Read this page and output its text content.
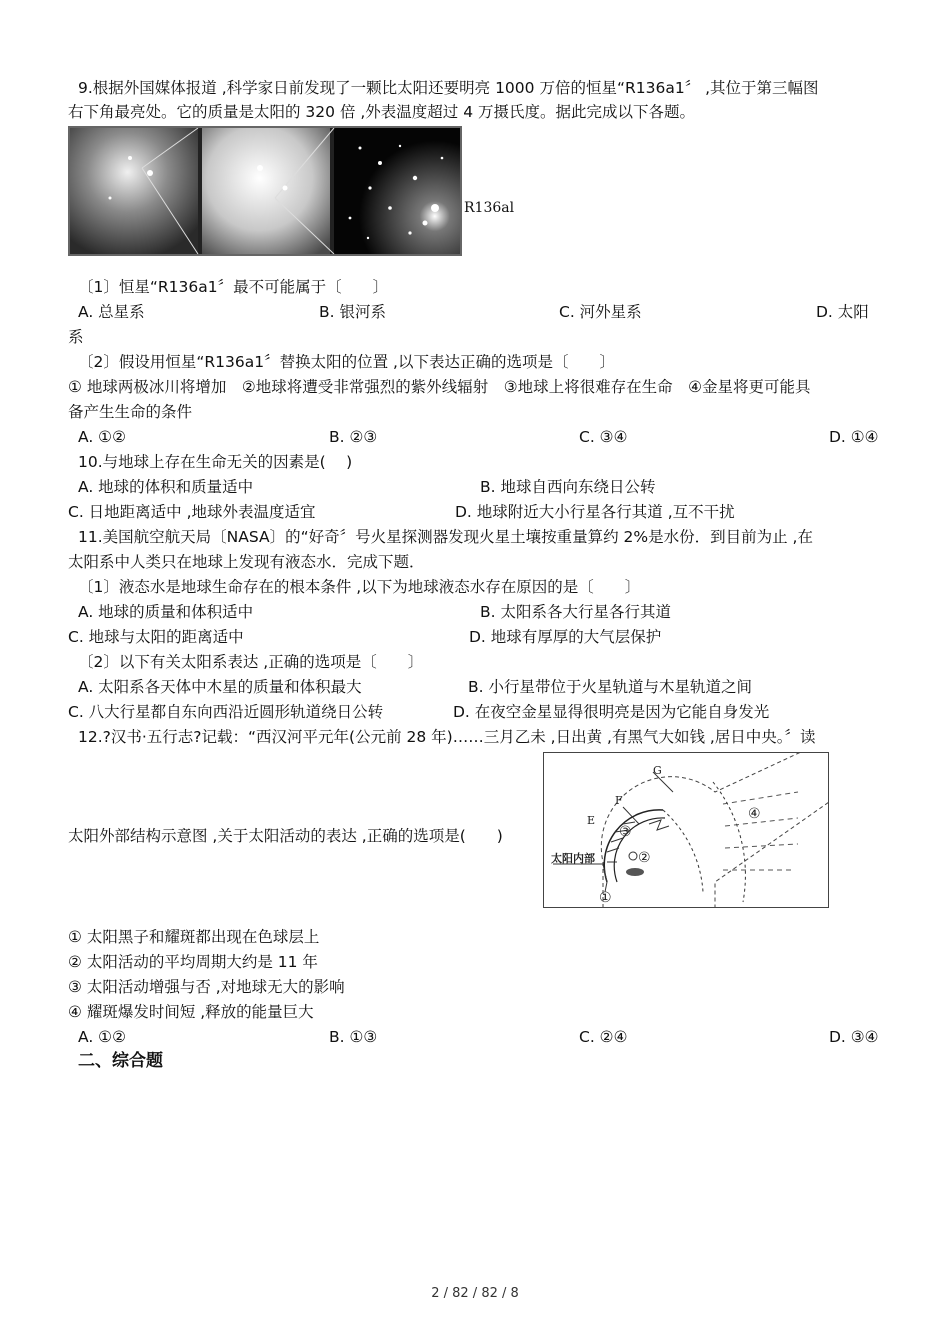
9.根据外国媒体报道 ,科学家日前发现了一颗比太阳还要明亮 1000 万倍的恒星“R136a1〞 ,其位于第三幅图
右下角最亮处。它的质量是太阳的 320 倍 ,外表温度超过 4 万摄氏度。据此完成以下各题。
R136al
〔1〕恒星“R136a1〞最不可能属于〔　　〕
A. 总星系	B. 银河系	C. 河外星系	D. 太阳
系
〔2〕假设用恒星“R136a1〞替换太阳的位置 ,以下表达正确的选项是〔　　〕
① 地球两极冰川将增加　②地球将遭受非常强烈的紫外线辐射　③地球上将很难存在生命　④金星将更可能具
备产生生命的条件
A. ①②	B. ②③	C. ③④	D. ①④
10.与地球上存在生命无关的因素是(　 )
A. 地球的体积和质量适中	B. 地球自西向东绕日公转
C. 日地距离适中 ,地球外表温度适宜	D. 地球附近大小行星各行其道 ,互不干扰
11.美国航空航天局〔NASA〕的“好奇〞号火星探测器发现火星土壤按重量算约 2%是水份．到目前为止 ,在
太阳系中人类只在地球上发现有液态水．完成下题．
〔1〕液态水是地球生命存在的根本条件 ,以下为地球液态水存在原因的是〔　　〕
A. 地球的质量和体积适中	B. 太阳系各大行星各行其道
C. 地球与太阳的距离适中	D. 地球有厚厚的大气层保护
〔2〕以下有关太阳系表达 ,正确的选项是〔　　〕
A. 太阳系各天体中木星的质量和体积最大	B. 小行星带位于火星轨道与木星轨道之间
C. 八大行星都自东向西沿近圆形轨道绕日公转	D. 在夜空金星显得很明亮是因为它能自身发光
12.?汉书·五行志?记载：“西汉河平元年(公元前 28 年)……三月乙未 ,日出黄 ,有黑气大如钱 ,居日中央。〞读
太阳外部结构示意图 ,关于太阳活动的表达 ,正确的选项是(　　)
G
F
E
太阳内部
①
②
③
④
① 太阳黑子和耀斑都出现在色球层上
② 太阳活动的平均周期大约是 11 年
③ 太阳活动增强与否 ,对地球无大的影响
④ 耀斑爆发时间短 ,释放的能量巨大
A. ①②	B. ①③	C. ②④	D. ③④
二、综合题
2 / 82 / 82 / 8
